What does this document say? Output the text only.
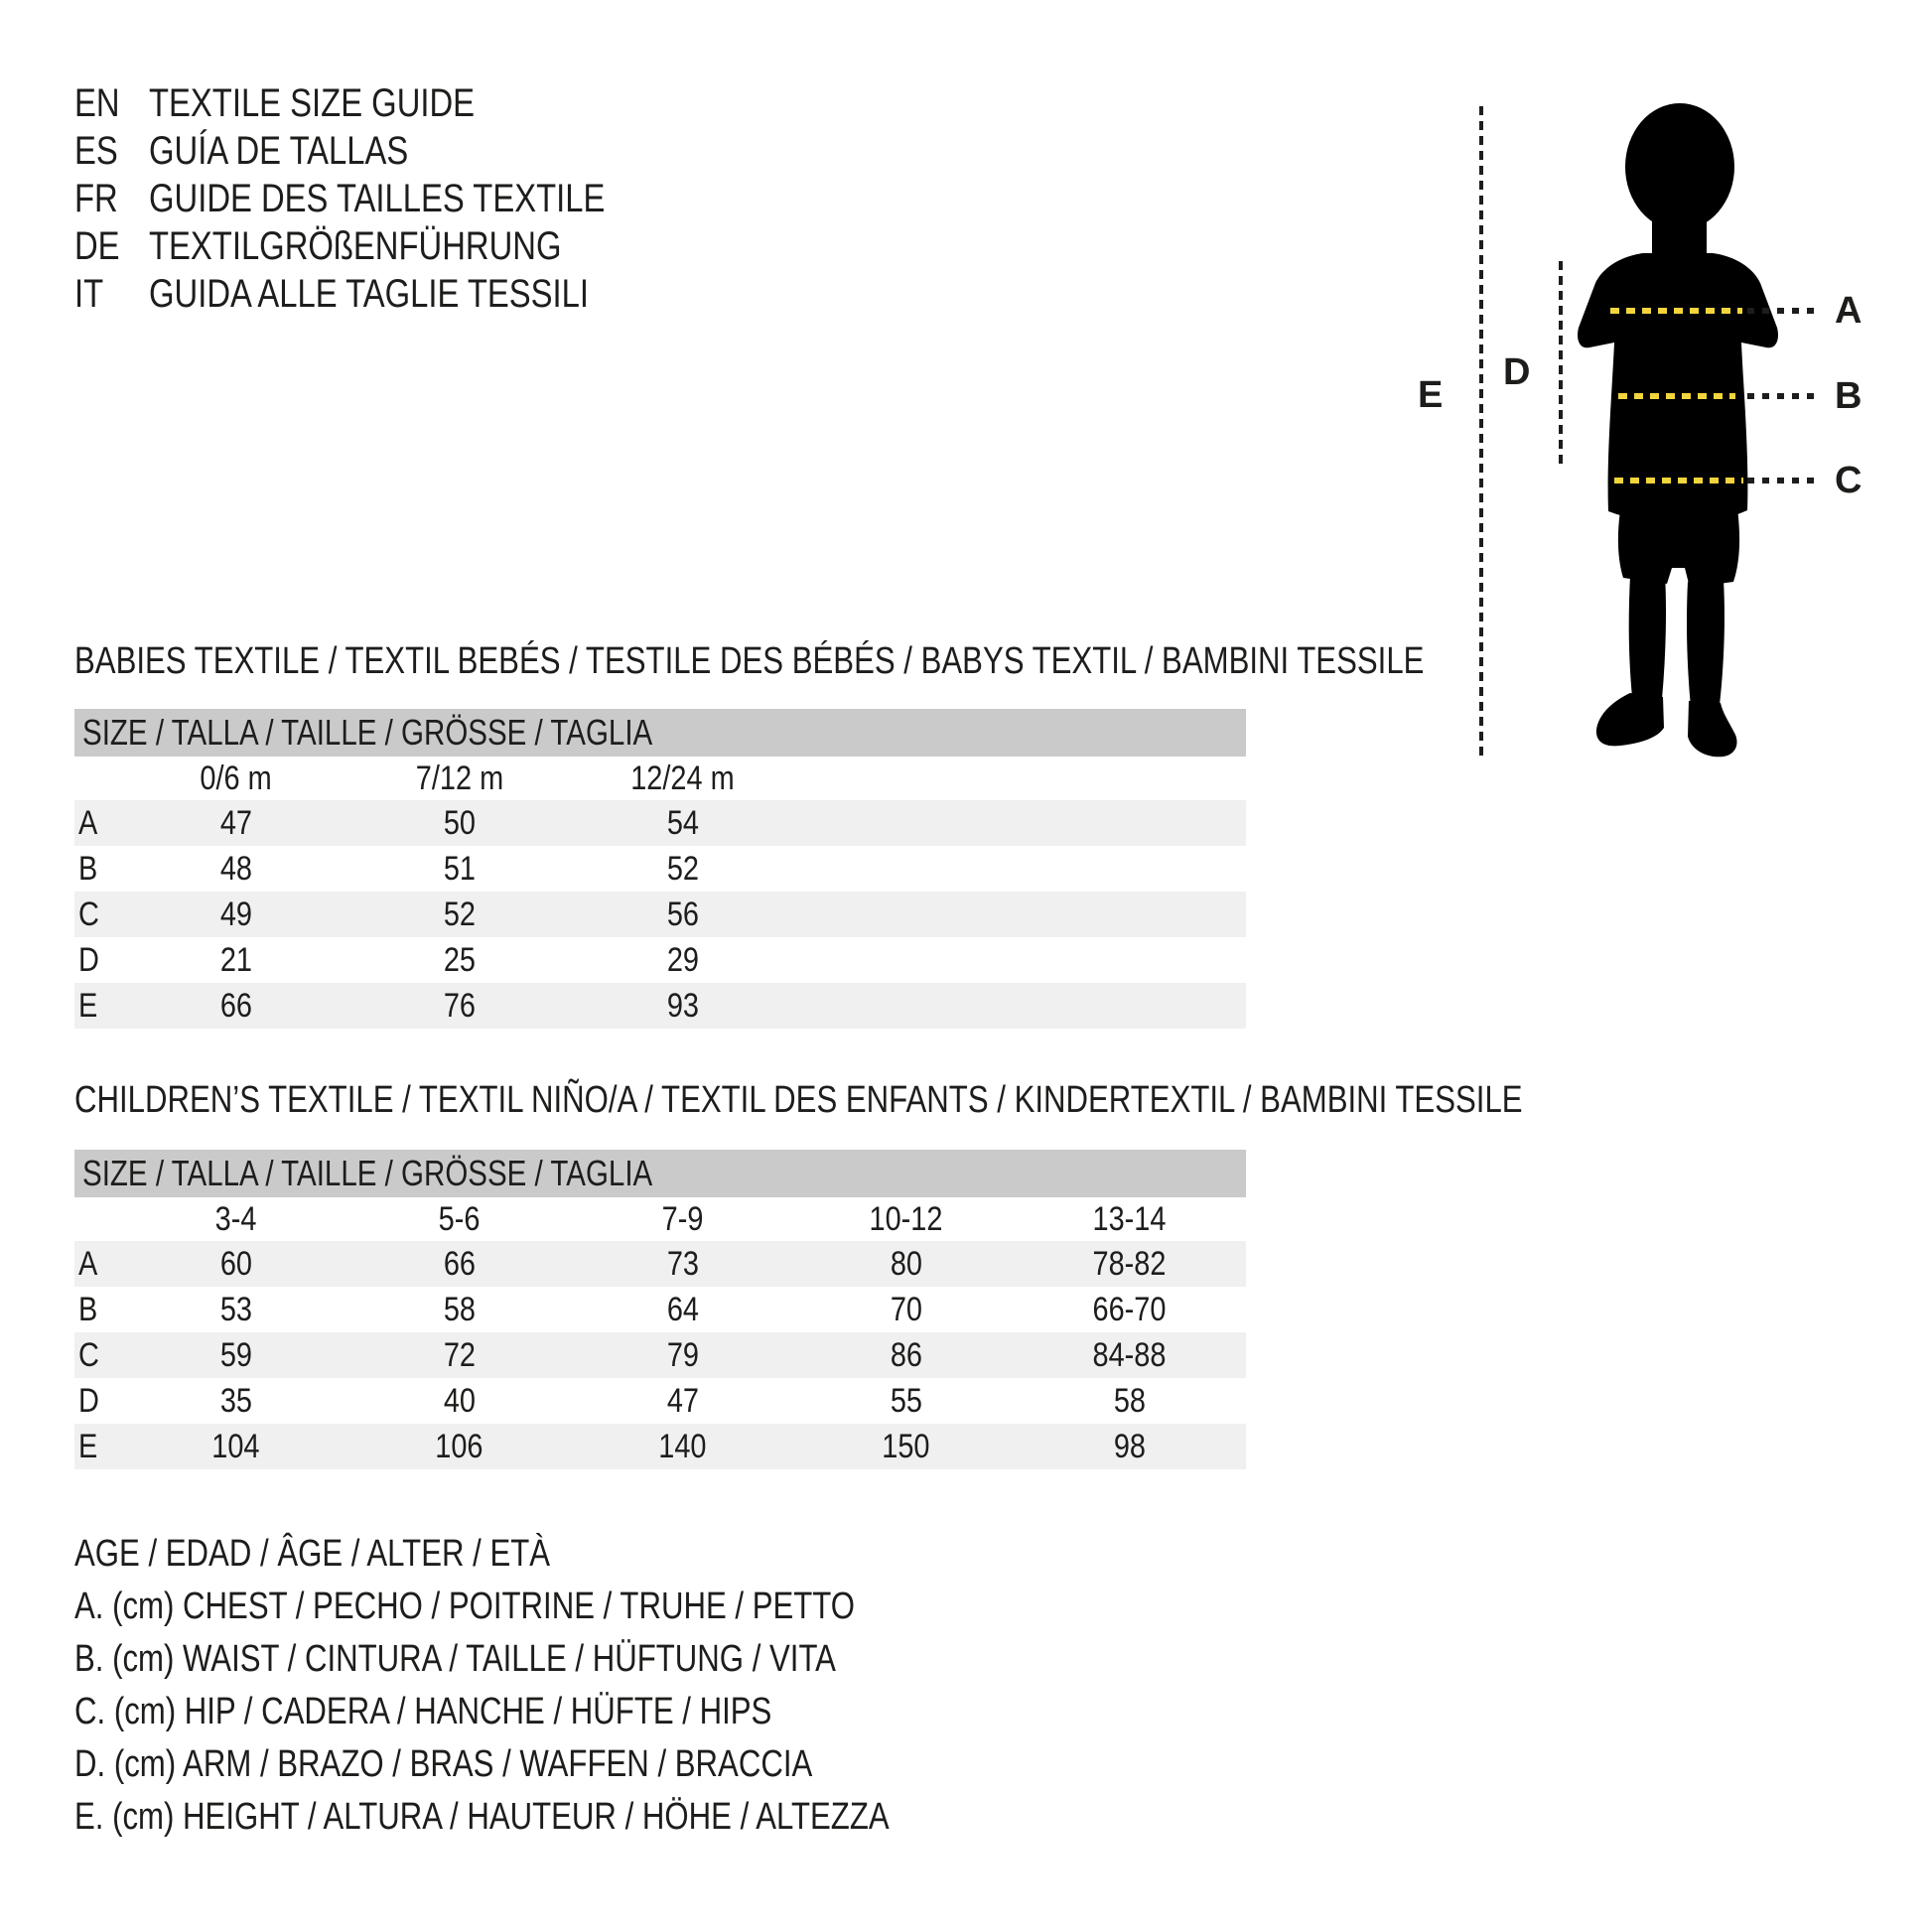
EN TEXTILE SIZE GUIDE
ES GUÍA DE TALLAS
FR GUIDE DES TAILLES TEXTILE
DE TEXTILGRÖßENFÜHRUNG
IT GUIDA ALLE TAGLIE TESSILI	A
B
C
D
E
BABIES TEXTILE / TEXTIL BEBÉS / TESTILE DES BÉBÉS / BABYS TEXTIL / BAMBINI TESSILE
SIZE / TALLA / TAILLE / GRÖSSE / TAGLIA
0/6 m	7/12 m	12/24 m
A	47	50	54
B	48	51	52
C	49	52	56
D	21	25	29
E	66	76	93
CHILDREN’S TEXTILE / TEXTIL NIÑO/A / TEXTIL DES ENFANTS / KINDERTEXTIL / BAMBINI TESSILE
SIZE / TALLA / TAILLE / GRÖSSE / TAGLIA
3-4	5-6	7-9	10-12	13-14
A	60	66	73	80	78-82
B	53	58	64	70	66-70
C	59	72	79	86	84-88
D	35	40	47	55	58
E	104	106	140	150	98
AGE / EDAD / ÂGE / ALTER / ETÀ
A. (cm) CHEST / PECHO / POITRINE / TRUHE / PETTO
B. (cm) WAIST / CINTURA / TAILLE / HÜFTUNG / VITA
C. (cm) HIP / CADERA / HANCHE / HÜFTE / HIPS
D. (cm) ARM / BRAZO / BRAS / WAFFEN / BRACCIA
E. (cm) HEIGHT / ALTURA / HAUTEUR / HÖHE / ALTEZZA
